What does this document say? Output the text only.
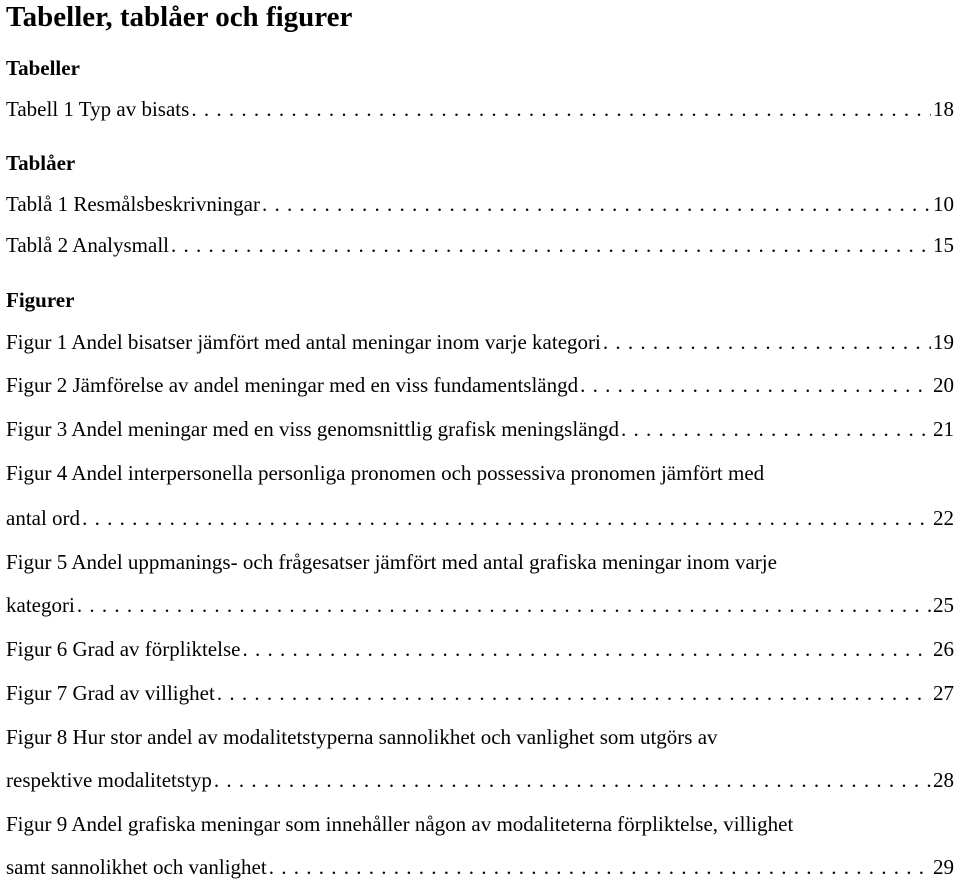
Tabeller, tablåer och figurer
Tabeller
Tabell 1 Typ av bisats . . .	18
Tablåer
Tablå 1 Resmålsbeskrivningar . . .	10
Tablå 2 Analysmall . . .	15
Figurer
Figur 1 Andel bisatser jämfört med antal meningar inom varje kategori . . .	19
Figur 2 Jämförelse av andel meningar med en viss fundamentslängd . . .	20
Figur 3 Andel meningar med en viss genomsnittlig grafisk meningslängd . . .	21
Figur 4 Andel interpersonella personliga pronomen och possessiva pronomen jämfört med
antal ord . . .	22
Figur 5 Andel uppmanings- och frågesatser jämfört med antal grafiska meningar inom varje
kategori . . .	25
Figur 6 Grad av förpliktelse . . .	26
Figur 7 Grad av villighet . . .	27
Figur 8 Hur stor andel av modalitetstyperna sannolikhet och vanlighet som utgörs av
respektive modalitetstyp . . .	28
Figur 9 Andel grafiska meningar som innehåller någon av modaliteterna förpliktelse, villighet
samt sannolikhet och vanlighet . . .	29
